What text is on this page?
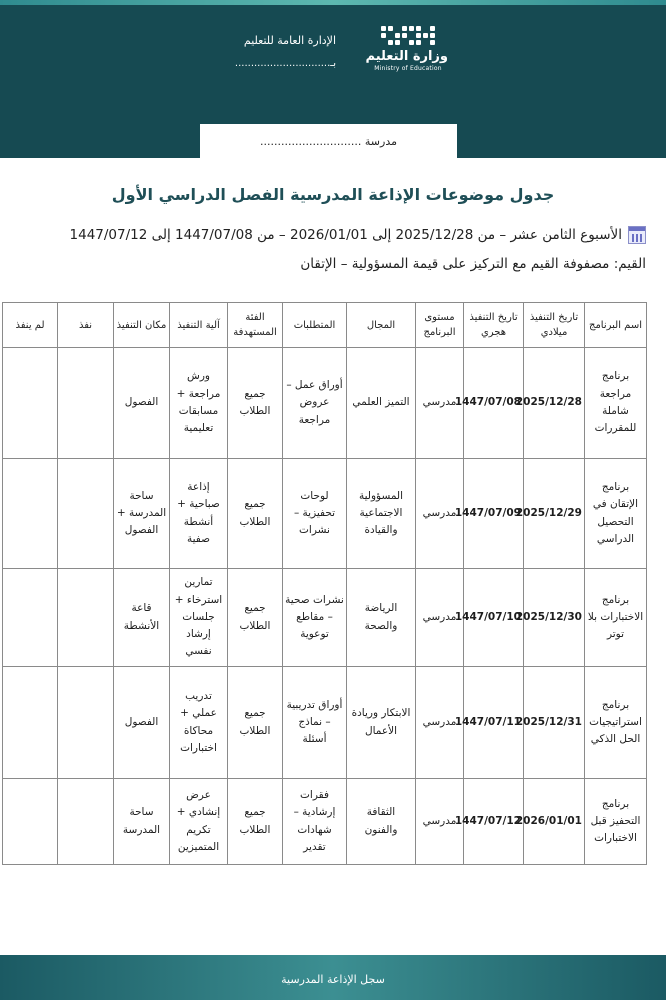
وزارة التعليم
Ministry of Education
الإدارة العامة للتعليم
بـ..............................
مدرسة .............................
جدول موضوعات الإذاعة المدرسية الفصل الدراسي الأول
الأسبوع الثامن عشر – من 2025/12/28 إلى 2026/01/01 – من 1447/07/08 إلى 1447/07/12
القيم: مصفوفة القيم مع التركيز على قيمة المسؤولية – الإتقان
اسم البرنامج	تاريخ التنفيذ ميلادي	تاريخ التنفيذ هجري	مستوى البرنامج	المجال	المتطلبات	الفئة المستهدفة	آلية التنفيذ	مكان التنفيذ	نفذ	لم ينفذ
برنامج مراجعة شاملة للمقررات	2025/12/28	1447/07/08	مدرسي	التميز العلمي	أوراق عمل – عروض مراجعة	جميع الطلاب	ورش مراجعة + مسابقات تعليمية	الفصول		
برنامج الإتقان في التحصيل الدراسي	2025/12/29	1447/07/09	مدرسي	المسؤولية الاجتماعية والقيادة	لوحات تحفيزية – نشرات	جميع الطلاب	إذاعة صباحية + أنشطة صفية	ساحة المدرسة + الفصول		
برنامج الاختبارات بلا توتر	2025/12/30	1447/07/10	مدرسي	الرياضة والصحة	نشرات صحية – مقاطع توعوية	جميع الطلاب	تمارين استرخاء + جلسات إرشاد نفسي	قاعة الأنشطة		
برنامج استراتيجيات الحل الذكي	2025/12/31	1447/07/11	مدرسي	الابتكار وريادة الأعمال	أوراق تدريبية – نماذج أسئلة	جميع الطلاب	تدريب عملي + محاكاة اختبارات	الفصول		
برنامج التحفيز قبل الاختبارات	2026/01/01	1447/07/12	مدرسي	الثقافة والفنون	فقرات إرشادية – شهادات تقدير	جميع الطلاب	عرض إنشادي + تكريم المتميزين	ساحة المدرسة		
سجل الإذاعة المدرسية
